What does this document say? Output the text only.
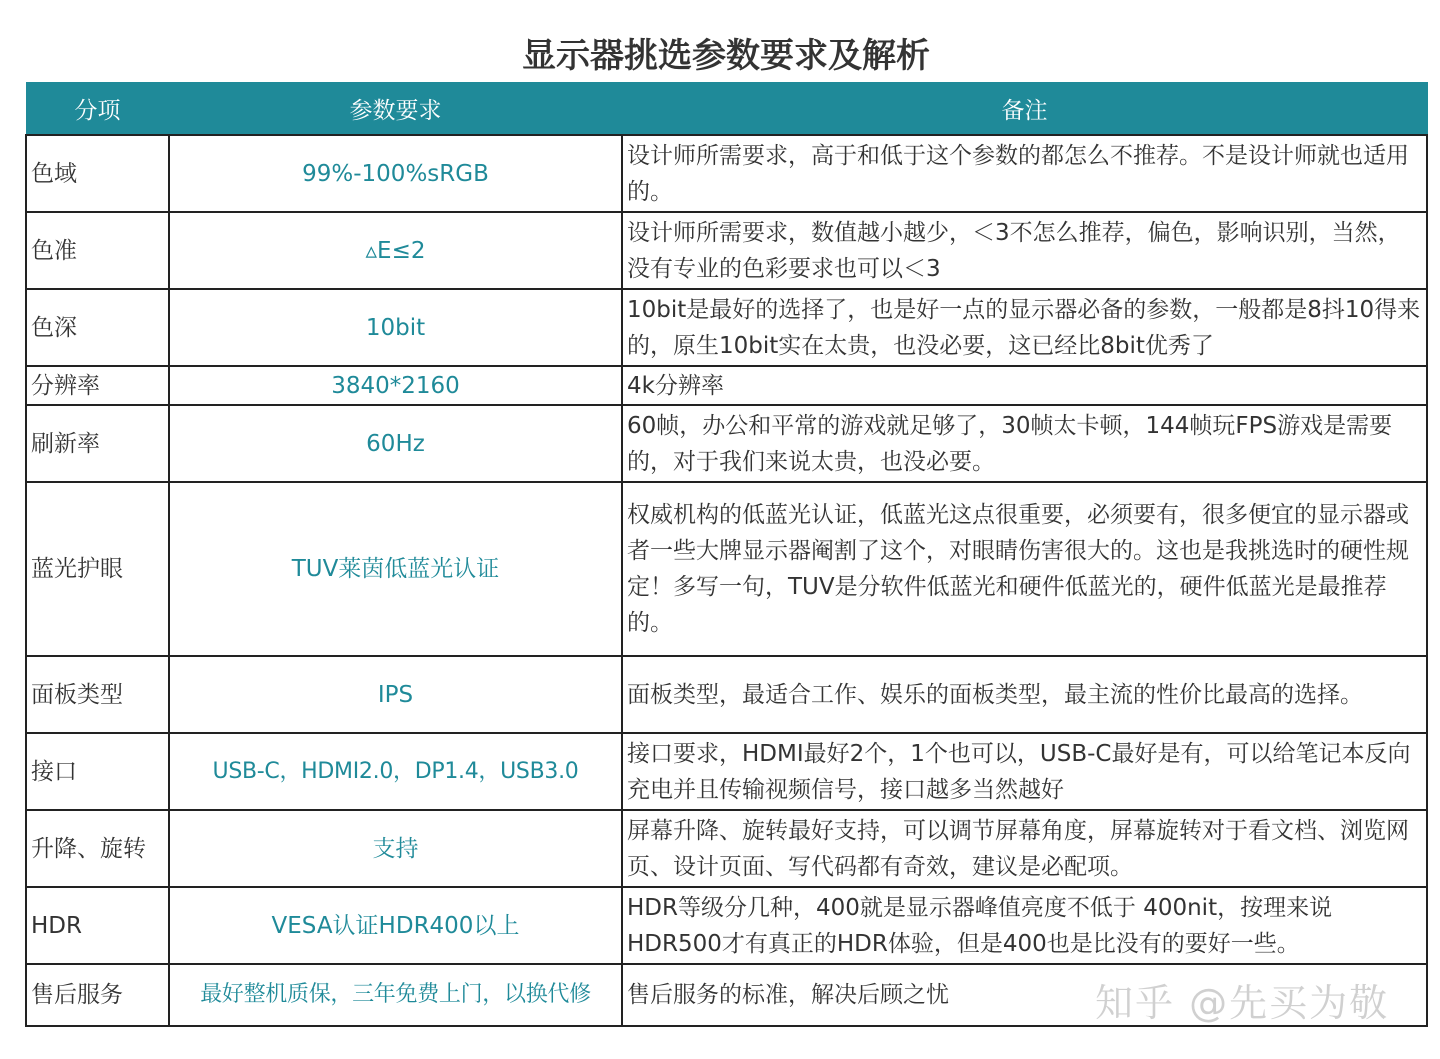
显示器挑选参数要求及解析
分项	参数要求	备注
色域	99%-100%sRGB	设计师所需要求，高于和低于这个参数的都怎么不推荐。不是设计师就也适用的。
色准	▵E≤2	设计师所需要求，数值越小越少，＜3不怎么推荐，偏色，影响识别，当然，没有专业的色彩要求也可以＜3
色深	10bit	10bit是最好的选择了，也是好一点的显示器必备的参数，一般都是8抖10得来的，原生10bit实在太贵，也没必要，这已经比8bit优秀了
分辨率	3840*2160	4k分辨率
刷新率	60Hz	60帧，办公和平常的游戏就足够了，30帧太卡顿，144帧玩FPS游戏是需要的，对于我们来说太贵，也没必要。
蓝光护眼	TUV莱茵低蓝光认证	权威机构的低蓝光认证，低蓝光这点很重要，必须要有，很多便宜的显示器或者一些大牌显示器阉割了这个，对眼睛伤害很大的。这也是我挑选时的硬性规定！多写一句，TUV是分软件低蓝光和硬件低蓝光的，硬件低蓝光是最推荐的。
面板类型	IPS	面板类型，最适合工作、娱乐的面板类型，最主流的性价比最高的选择。
接口	USB-C，HDMI2.0，DP1.4，USB3.0	接口要求，HDMI最好2个，1个也可以，USB-C最好是有，可以给笔记本反向充电并且传输视频信号，接口越多当然越好
升降、旋转	支持	屏幕升降、旋转最好支持，可以调节屏幕角度，屏幕旋转对于看文档、浏览网页、设计页面、写代码都有奇效，建议是必配项。
HDR	VESA认证HDR400以上	HDR等级分几种，400就是显示器峰值亮度不低于 400nit，按理来说HDR500才有真正的HDR体验，但是400也是比没有的要好一些。
售后服务	最好整机质保，三年免费上门，以换代修	售后服务的标准，解决后顾之忧	知乎 @先买为敬
